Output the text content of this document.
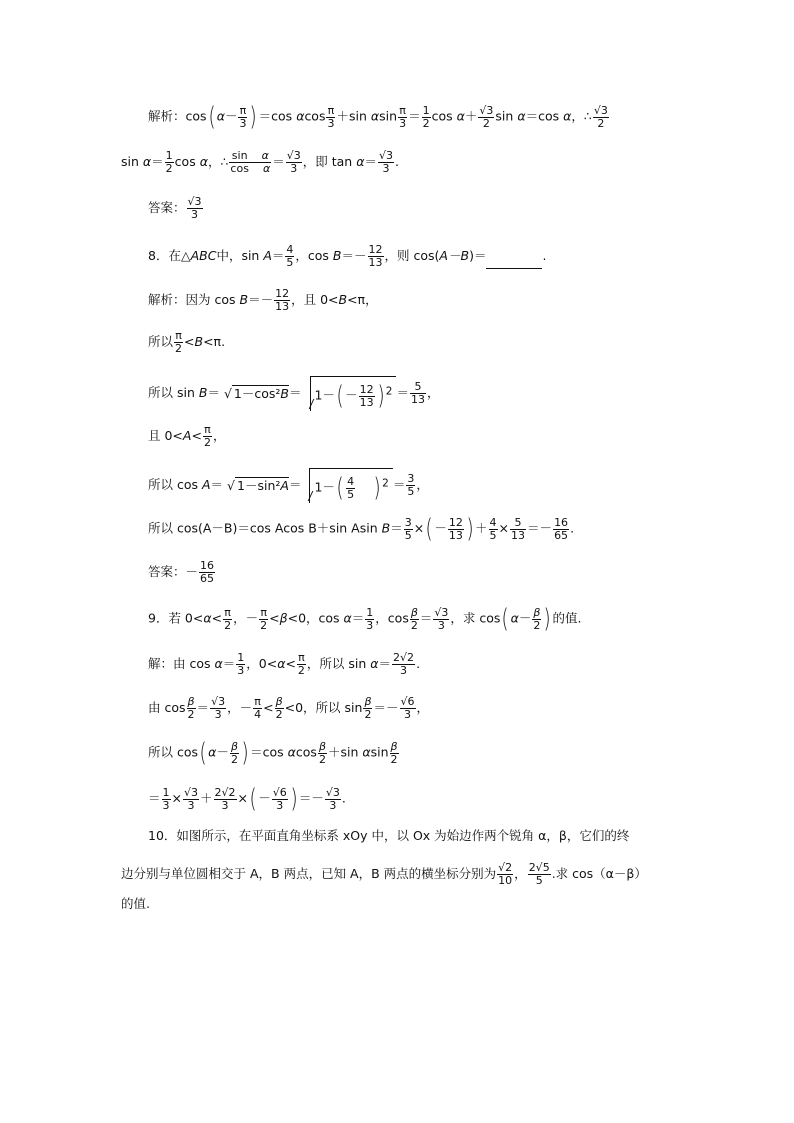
解析：cos( $\alpha- \frac{\pi}{3}$ ) ＝cos αcos $\frac{\pi}{3} +\sin$ αsin $\frac{\pi}{3} = \frac{1}{2}$ $\cos \alpha+ \frac{√3}{2}$ sin α＝cos α，∴ $\frac{√3}{2}$
$\sin \alpha= \frac{1}{2}$ cos α，∴ $\frac{\text{sin α}}{\text{cos α}} = \frac{√3}{3}$ ，即 $\tan \alpha= \frac{√3}{3}$ .
答案： $\frac{√3}{3}$
8．在△ABC中，$\sin A= \frac{4}{5}$ ，$\cos B=- \frac{12}{13}$ ，则 cos(A－B)＝	.
解析：因为 $\cos B=- \frac{12}{13}$ ，且 0<B<π，
所以 $\frac{\pi}{2} <B<\pi$.
所以 sin B＝ √ $1-\cos^2B= 1-( - \frac{12}{13}$ ) $^2 = \frac{5}{13}$ ，
且 $0<A< \frac{\pi}{2}$ ，
所以 cos A＝ √ $1-\sin^2A= 1-( \frac{4}{5}$ ) $^2 = \frac{3}{5}$ ，
所以 cos(A－B)＝cos Acos B＋sin Asin $B= \frac{3}{5}$ ×( － $\frac{12}{13}$ ) ＋ $\frac{4}{5} \times \frac{5}{13} =- \frac{16}{65}$ .
答案：－ $\frac{16}{65}$
9．若 $0<\alpha< \frac{\pi}{2}$ ，－ $\frac{\pi}{2} <\beta<0$，$\cos \alpha= \frac{1}{3}$ ，$\cos \frac{\beta}{2} = \frac{√3}{3}$ ，求 cos( $\alpha- \frac{\beta}{2}$ ) 的值.
解：由 $\cos \alpha= \frac{1}{3}$ ，$0<\alpha< \frac{\pi}{2}$ ，所以 $\sin \alpha= \frac{2√2}{3}$ .
由 $\cos \frac{\beta}{2} = \frac{√3}{3}$ ，－ $\frac{\pi}{4} < \frac{\beta}{2} <0$，所以 $\sin \frac{\beta}{2} =- \frac{√6}{3}$ ，
所以 cos( $\alpha- \frac{\beta}{2}$ ) ＝cos αcos $\frac{\beta}{2} +\sin$ αsin $\frac{\beta}{2}$
＝ $\frac{1}{3} \times \frac{√3}{3} + \frac{2√2}{3}$ ×( － $\frac{√6}{3}$ ) ＝－ $\frac{√3}{3}$ .
10．如图所示，在平面直角坐标系 xOy 中，以 Ox 为始边作两个锐角 α，β，它们的终
边分别与单位圆相交于 A，B 两点，已知 A，B 两点的横坐标分别为 $\frac{√2}{10}$ ， $\frac{2√5}{5}$ .求 cos（α－β）
的值.
